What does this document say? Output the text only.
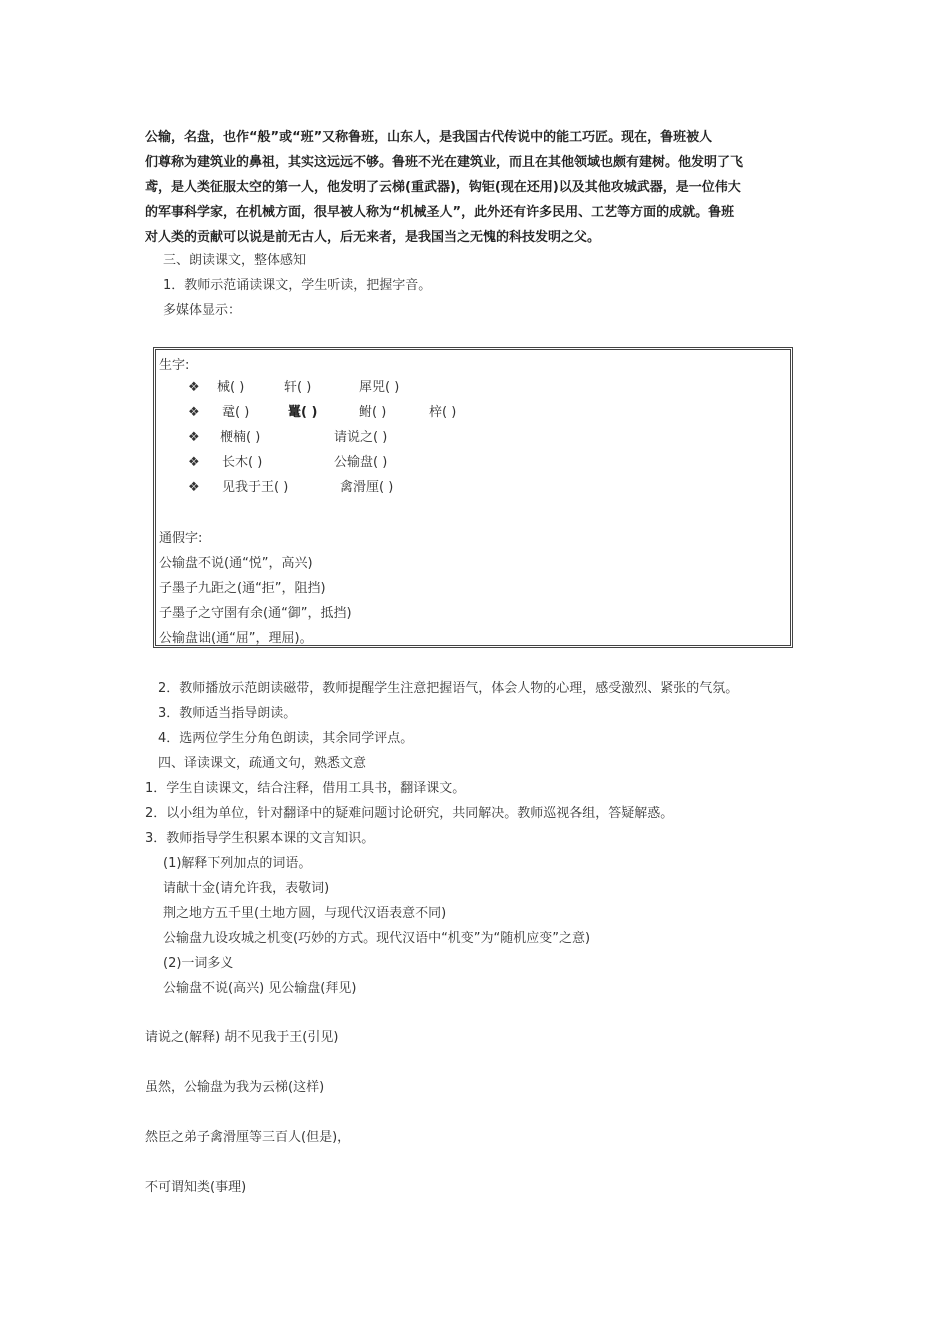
公输，名盘，也作“般”或“班”又称鲁班，山东人，是我国古代传说中的能工巧匠。现在，鲁班被人
们尊称为建筑业的鼻祖，其实这远远不够。鲁班不光在建筑业，而且在其他领域也颇有建树。他发明了飞
鸢，是人类征服太空的第一人，他发明了云梯(重武器)，钩钜(现在还用)以及其他攻城武器，是一位伟大
的军事科学家，在机械方面，很早被人称为“机械圣人”，此外还有许多民用、工艺等方面的成就。鲁班
对人类的贡献可以说是前无古人，后无来者，是我国当之无愧的科技发明之父。
三、朗读课文，整体感知
1．教师示范诵读课文，学生听读，把握字音。
多媒体显示：
生字:
❖ 械( )	轩( )	犀兕( )
❖ 鼋( )	鼍( )	鲋( )	梓( )
❖ 楩楠( )	请说之( )
❖ 长木( )	公输盘( )
❖ 见我于王( )	禽滑厘( )
通假字:
公输盘不说(通“悦”，高兴)
子墨子九距之(通“拒”，阻挡)
子墨子之守圉有余(通“御”，抵挡)
公输盘诎(通“屈”，理屈)。
2．教师播放示范朗读磁带，教师提醒学生注意把握语气，体会人物的心理，感受激烈、紧张的气氛。
3．教师适当指导朗读。
4．选两位学生分角色朗读，其余同学评点。
四、译读课文，疏通文句，熟悉文意
1．学生自读课文，结合注释，借用工具书，翻译课文。
2．以小组为单位，针对翻译中的疑难问题讨论研究，共同解决。教师巡视各组，答疑解惑。
3．教师指导学生积累本课的文言知识。
(1)解释下列加点的词语。
请献十金(请允许我，表敬词)
荆之地方五千里(土地方圆，与现代汉语表意不同)
公输盘九设攻城之机变(巧妙的方式。现代汉语中“机变”为“随机应变”之意)
(2)一词多义
公输盘不说(高兴) 见公输盘(拜见)
请说之(解释) 胡不见我于王(引见)
虽然，公输盘为我为云梯(这样)
然臣之弟子禽滑厘等三百人(但是)，
不可谓知类(事理)
